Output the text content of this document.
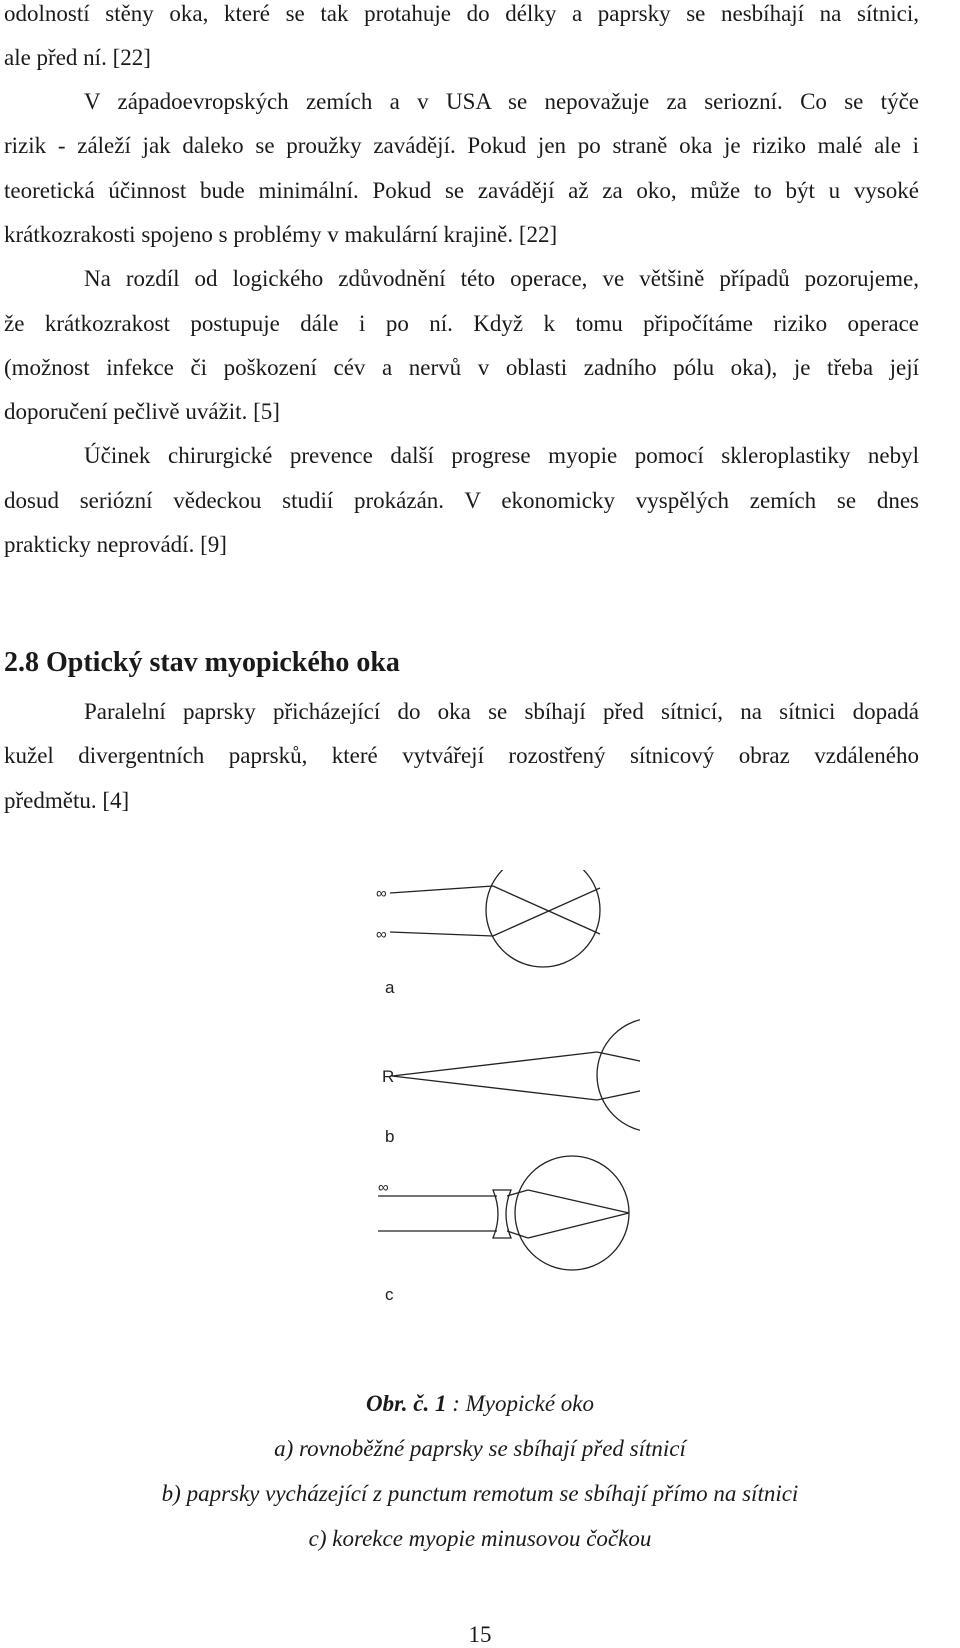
odolností stěny oka, které se tak protahuje do délky a paprsky se nesbíhají na sítnici,
ale před ní. [22]
V západoevropských zemích a v USA se nepovažuje za seriozní. Co se týče
rizik - záleží jak daleko se proužky zavádějí. Pokud jen po straně oka je riziko malé ale i
teoretická účinnost bude minimální. Pokud se zavádějí až za oko, může to být u vysoké
krátkozrakosti spojeno s problémy v makulární krajině. [22]
Na rozdíl od logického zdůvodnění této operace, ve většině případů pozorujeme,
že krátkozrakost postupuje dále i po ní. Když k tomu připočítáme riziko operace
(možnost infekce či poškození cév a nervů v oblasti zadního pólu oka), je třeba její
doporučení pečlivě uvážit. [5]
Účinek chirurgické prevence další progrese myopie pomocí skleroplastiky nebyl
dosud seriózní vědeckou studií prokázán. V ekonomicky vyspělých zemích se dnes
prakticky neprovádí. [9]
2.8 Optický stav myopického oka
Paralelní paprsky přicházející do oka se sbíhají před sítnicí, na sítnici dopadá
kužel divergentních paprsků, které vytvářejí rozostřený sítnicový obraz vzdáleného
předmětu. [4]
∞
∞
a
R
b
∞
c
Obr. č. 1 : Myopické oko
a) rovnoběžné paprsky se sbíhají před sítnicí
b) paprsky vycházející z punctum remotum se sbíhají přímo na sítnici
c) korekce myopie minusovou čočkou
15
